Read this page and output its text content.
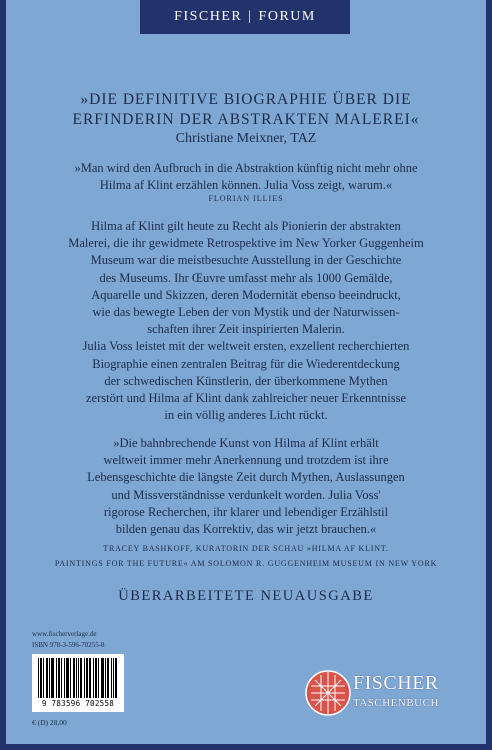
FISCHER | FORUM
»DIE DEFINITIVE BIOGRAPHIE ÜBER DIE
ERFINDERIN DER ABSTRAKTEN MALEREI«
Christiane Meixner, TAZ
»Man wird den Aufbruch in die Abstraktion künftig nicht mehr ohne
Hilma af Klint erzählen können. Julia Voss zeigt, warum.«
FLORIAN ILLIES
Hilma af Klint gilt heute zu Recht als Pionierin der abstrakten
Malerei, die ihr gewidmete Retrospektive im New Yorker Guggenheim
Museum war die meistbesuchte Ausstellung in der Geschichte
des Museums. Ihr Œuvre umfasst mehr als 1000 Gemälde,
Aquarelle und Skizzen, deren Modernität ebenso beeindruckt,
wie das bewegte Leben der von Mystik und der Naturwissen-
schaften ihrer Zeit inspirierten Malerin.
Julia Voss leistet mit der weltweit ersten, exzellent recherchierten
Biographie einen zentralen Beitrag für die Wiederentdeckung
der schwedischen Künstlerin, der überkommene Mythen
zerstört und Hilma af Klint dank zahlreicher neuer Erkenntnisse
in ein völlig anderes Licht rückt.
»Die bahnbrechende Kunst von Hilma af Klint erhält
weltweit immer mehr Anerkennung und trotzdem ist ihre
Lebensgeschichte die längste Zeit durch Mythen, Auslassungen
und Missverständnisse verdunkelt worden. Julia Voss'
rigorose Recherchen, ihr klarer und lebendiger Erzählstil
bilden genau das Korrektiv, das wir jetzt brauchen.«
TRACEY BASHKOFF, KURATORIN DER SCHAU »HILMA AF KLINT.
PAINTINGS FOR THE FUTURE« AM SOLOMON R. GUGGENHEIM MUSEUM IN NEW YORK
ÜBERARBEITETE NEUAUSGABE
www.fischerverlage.de
ISBN 978-3-596-70255-8
9 783596 702558
€ (D) 28,00
FISCHER
TASCHENBUCH
